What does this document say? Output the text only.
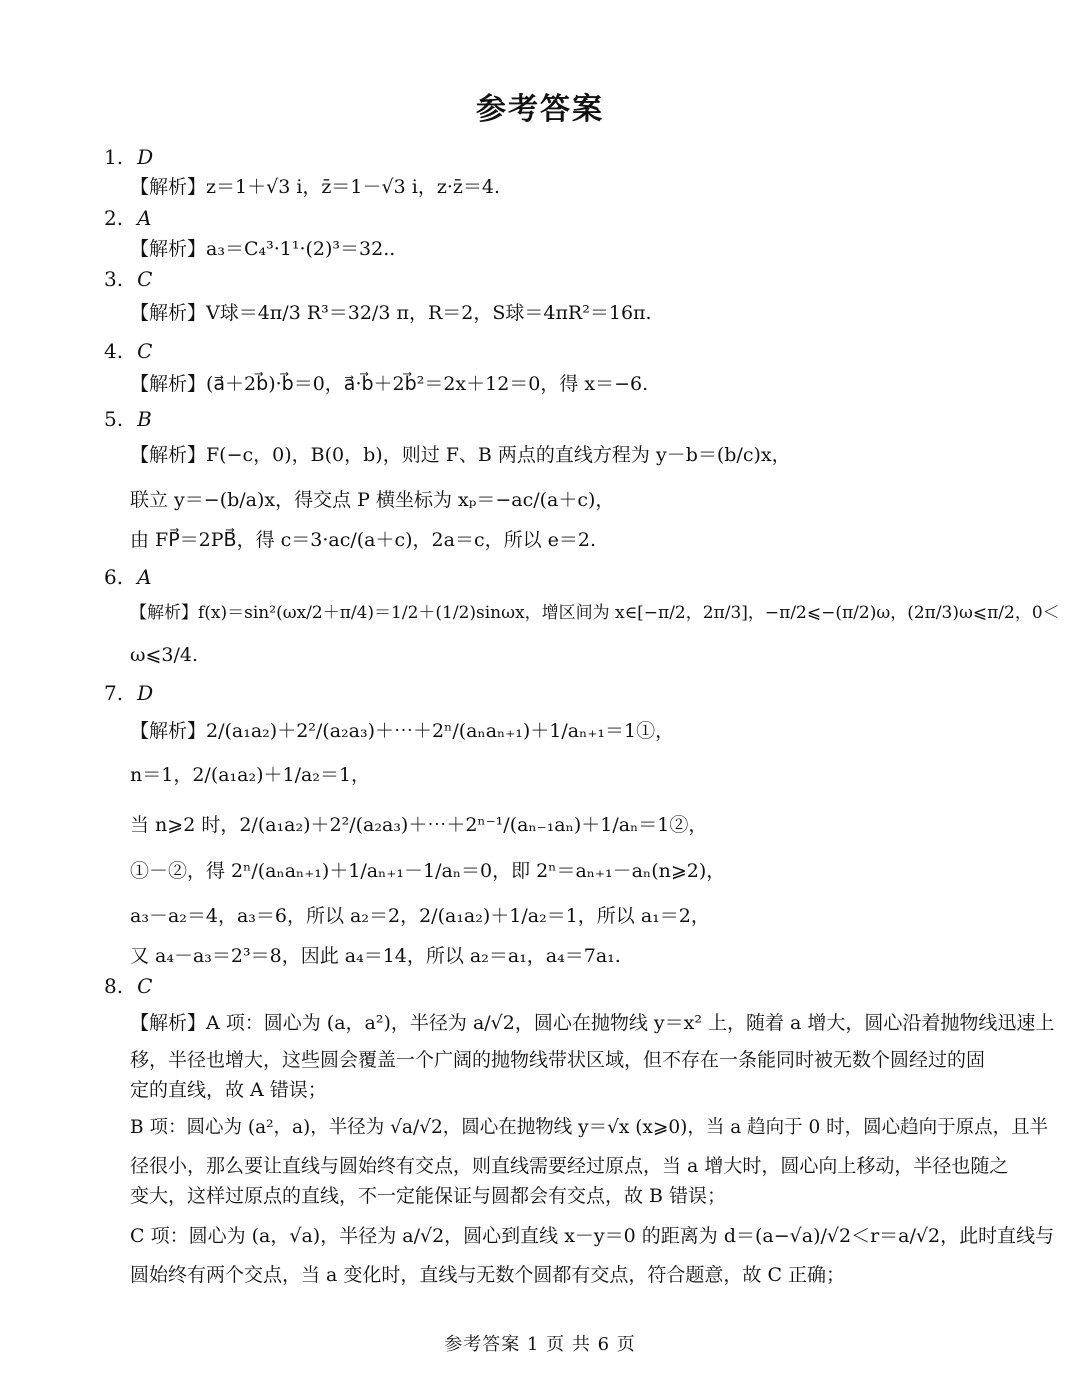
参考答案
1. D
【解析】z＝1＋√3 i，z̄＝1－√3 i，z·z̄＝4.
2. A
【解析】a₃＝C₄³·1¹·(2)³＝32..
3. C
【解析】V球＝4π/3 R³＝32/3 π，R＝2，S球＝4πR²＝16π.
4. C
【解析】(a⃗＋2b⃗)·b⃗＝0，a⃗·b⃗＋2b⃗²＝2x＋12＝0，得 x＝−6.
5. B
【解析】F(−c，0)，B(0，b)，则过 F、B 两点的直线方程为 y－b＝(b/c)x，
联立 y＝−(b/a)x，得交点 P 横坐标为 xₚ＝−ac/(a＋c)，
由 FP⃗＝2PB⃗，得 c＝3·ac/(a＋c)，2a＝c，所以 e＝2.
6. A
【解析】f(x)＝sin²(ωx/2＋π/4)＝1/2＋(1/2)sinωx，增区间为 x∈[−π/2，2π/3]，−π/2⩽−(π/2)ω，(2π/3)ω⩽π/2，0＜
ω⩽3/4.
7. D
【解析】2/(a₁a₂)＋2²/(a₂a₃)＋⋯＋2ⁿ/(aₙaₙ₊₁)＋1/aₙ₊₁＝1①，
n＝1，2/(a₁a₂)＋1/a₂＝1，
当 n⩾2 时，2/(a₁a₂)＋2²/(a₂a₃)＋⋯＋2ⁿ⁻¹/(aₙ₋₁aₙ)＋1/aₙ＝1②，
①－②，得 2ⁿ/(aₙaₙ₊₁)＋1/aₙ₊₁－1/aₙ＝0，即 2ⁿ＝aₙ₊₁－aₙ(n⩾2)，
a₃－a₂＝4，a₃＝6，所以 a₂＝2，2/(a₁a₂)＋1/a₂＝1，所以 a₁＝2，
又 a₄－a₃＝2³＝8，因此 a₄＝14，所以 a₂＝a₁，a₄＝7a₁.
8. C
【解析】A 项：圆心为 (a，a²)，半径为 a/√2，圆心在抛物线 y＝x² 上，随着 a 增大，圆心沿着抛物线迅速上
移，半径也增大，这些圆会覆盖一个广阔的抛物线带状区域，但不存在一条能同时被无数个圆经过的固
定的直线，故 A 错误；
B 项：圆心为 (a²，a)，半径为 √a/√2，圆心在抛物线 y＝√x (x⩾0)，当 a 趋向于 0 时，圆心趋向于原点，且半
径很小，那么要让直线与圆始终有交点，则直线需要经过原点，当 a 增大时，圆心向上移动，半径也随之
变大，这样过原点的直线，不一定能保证与圆都会有交点，故 B 错误；
C 项：圆心为 (a，√a)，半径为 a/√2，圆心到直线 x－y＝0 的距离为 d＝(a−√a)/√2＜r＝a/√2，此时直线与
圆始终有两个交点，当 a 变化时，直线与无数个圆都有交点，符合题意，故 C 正确；
参考答案 1 页 共 6 页
